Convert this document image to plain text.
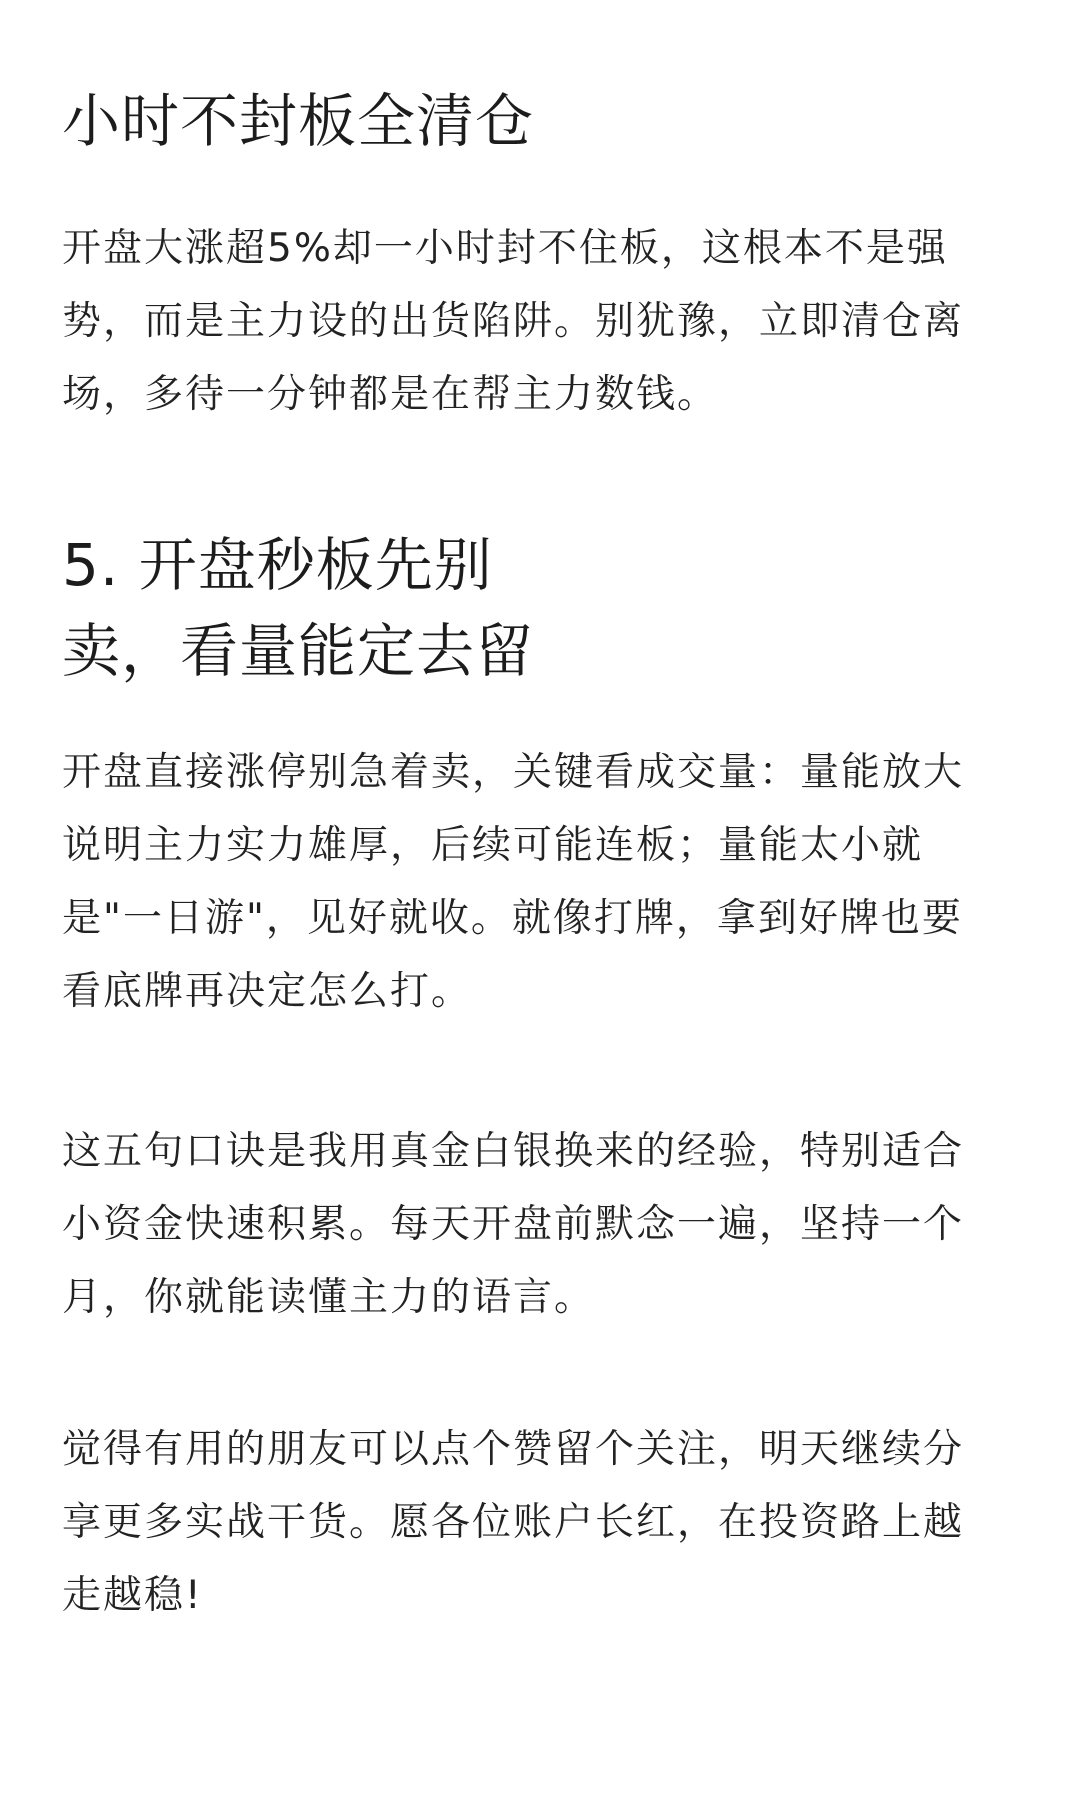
小时不封板全清仓

开盘大涨超5%却一小时封不住板，这根本不是强
势，而是主力设的出货陷阱。别犹豫，立即清仓离
场，多待一分钟都是在帮主力数钱。

5. 开盘秒板先别
卖，看量能定去留

开盘直接涨停别急着卖，关键看成交量：量能放大
说明主力实力雄厚，后续可能连板；量能太小就
是"一日游"，见好就收。就像打牌，拿到好牌也要
看底牌再决定怎么打。

这五句口诀是我用真金白银换来的经验，特别适合
小资金快速积累。每天开盘前默念一遍，坚持一个
月，你就能读懂主力的语言。

觉得有用的朋友可以点个赞留个关注，明天继续分
享更多实战干货。愿各位账户长红，在投资路上越
走越稳!
